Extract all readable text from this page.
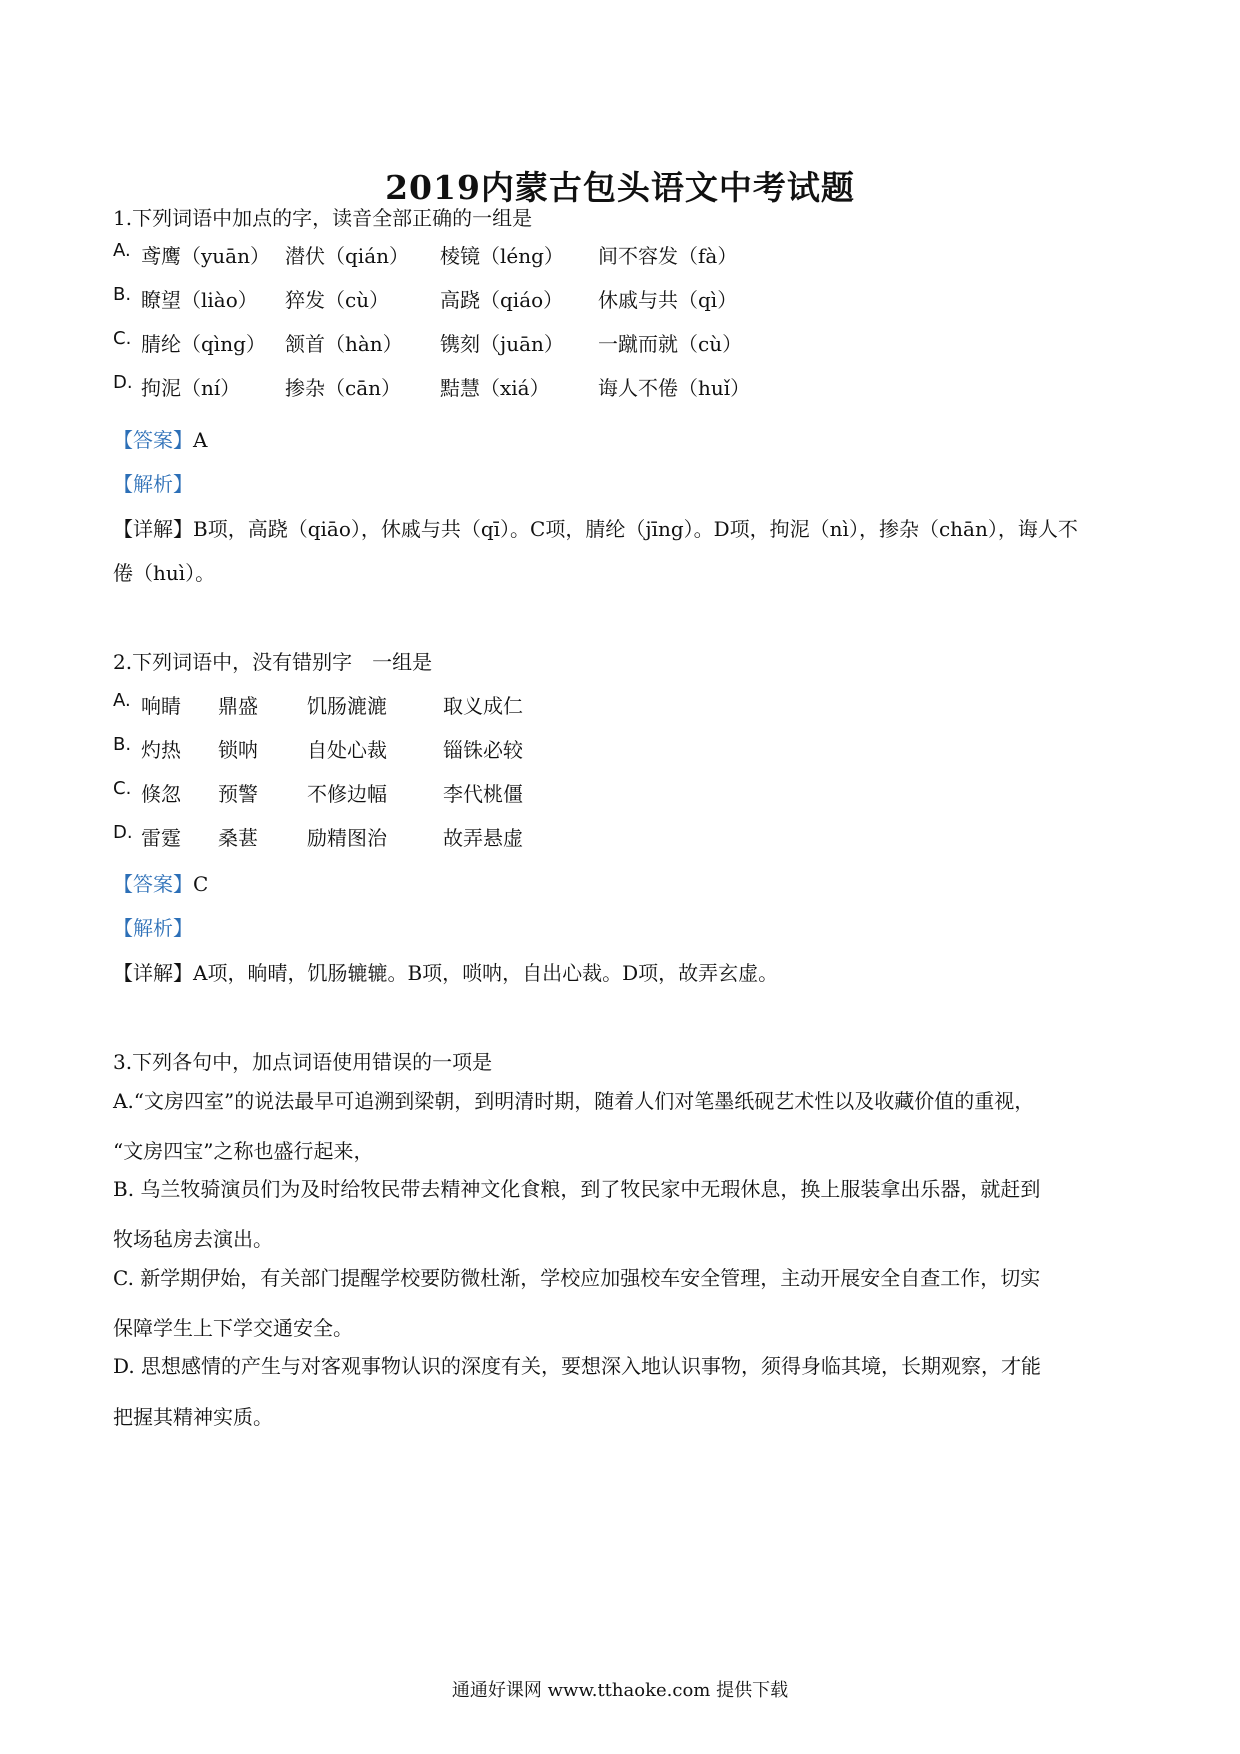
2019内蒙古包头语文中考试题
1.下列词语中加点的字，读音全部正确的一组是
A. 鸢鹰（yuān） 潜伏（qián） 棱镜（léng） 间不容发（fà）
B. 瞭望（liào） 猝发（cù）	高跷（qiáo） 休戚与共（qì）
C. 腈纶（qìng） 颔首（hàn） 镌刻（juān） 一蹴而就（cù）
D. 拘泥（ní） 掺杂（cān） 黠慧（xiá） 诲人不倦（huǐ）
【答案】A
【解析】
【详解】B项，高跷（qiāo），休戚与共（qī）。C项，腈纶（jīng）。D项，拘泥（nì），掺杂（chān），诲人不
倦（huì）。
2.下列词语中，没有错别字　一组是
A. 响睛 鼎盛 饥肠漉漉	取义成仁
B. 灼热 锁呐 自处心裁	锱铢必较
C. 倏忽 预警 不修边幅	李代桃僵
D. 雷霆 桑葚 励精图治	故弄悬虚
【答案】C
【解析】
【详解】A项，晌晴，饥肠辘辘。B项，唢呐，自出心裁。D项，故弄玄虚。
3.下列各句中，加点词语使用错误的一项是
A.“文房四室”的说法最早可追溯到梁朝，到明清时期，随着人们对笔墨纸砚艺术性以及收藏价值的重视，
“文房四宝”之称也盛行起来，
B. 乌兰牧骑演员们为及时给牧民带去精神文化食粮，到了牧民家中无瑕休息，换上服装拿出乐器，就赶到
牧场毡房去演出。
C. 新学期伊始，有关部门提醒学校要防微杜渐，学校应加强校车安全管理，主动开展安全自查工作，切实
保障学生上下学交通安全。
D. 思想感情的产生与对客观事物认识的深度有关，要想深入地认识事物，须得身临其境，长期观察，才能
把握其精神实质。
通通好课网 www.tthaoke.com 提供下载
